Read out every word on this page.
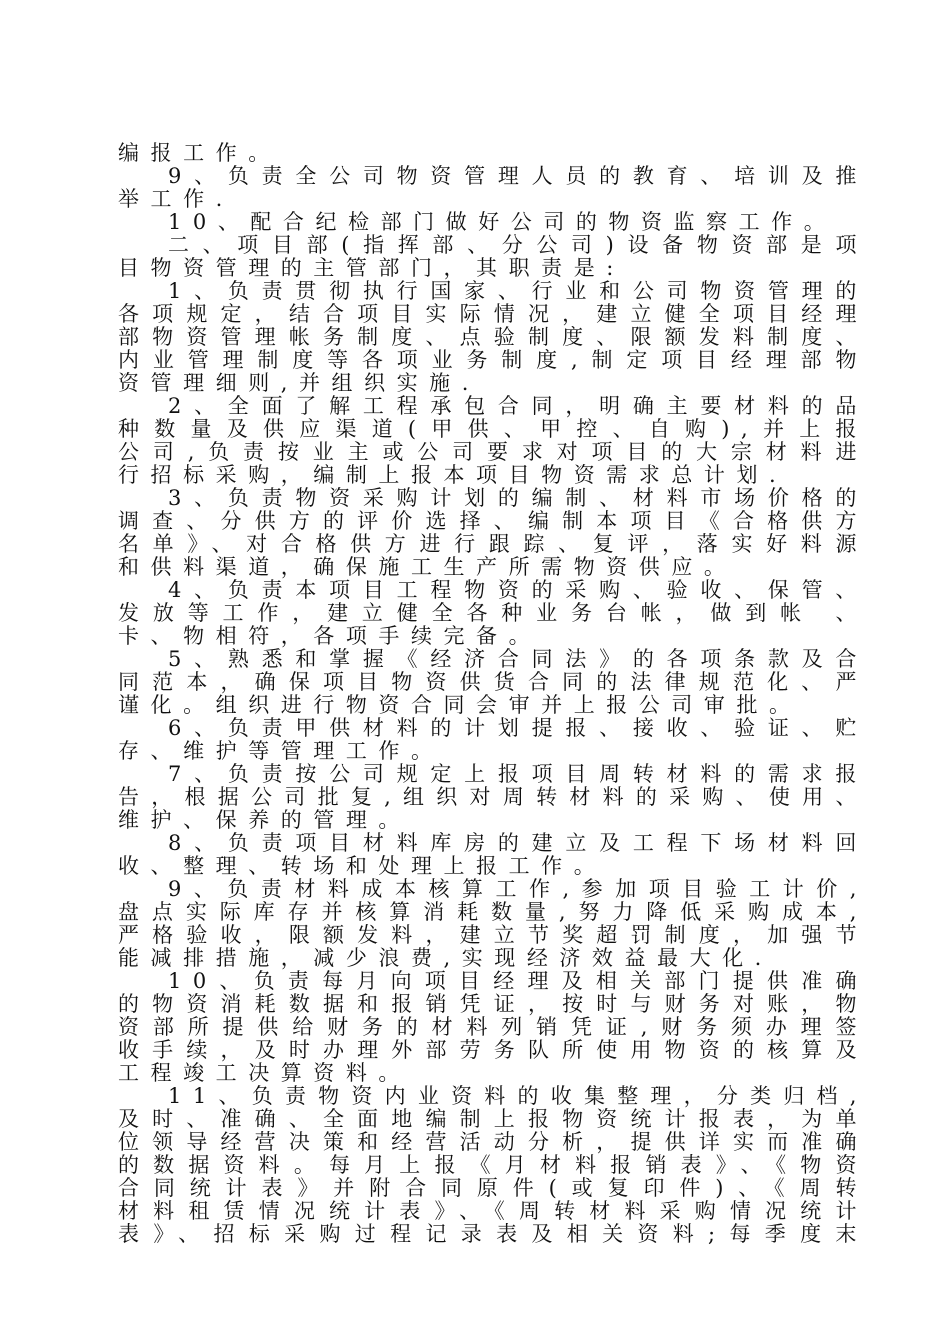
编报工作。
9、负责全公司物资管理人员的教育、培训及推
举工作.
10、配合纪检部门做好公司的物资监察工作。
二、项目部(指挥部、分公司)设备物资部是项
目物资管理的主管部门，其职责是:
1、负责贯彻执行国家、行业和公司物资管理的
各项规定，结合项目实际情况，建立健全项目经理
部物资管理帐务制度、点验制度、限额发料制度、
内业管理制度等各项业务制度,制定项目经理部物
资管理细则,并组织实施.
2、全面了解工程承包合同，明确主要材料的品
种数量及供应渠道(甲供、甲控、自购),并上报
公司,负责按业主或公司要求对项目的大宗材料进
行招标采购，编制上报本项目物资需求总计划.
3、负责物资采购计划的编制、材料市场价格的
调查、分供方的评价选择、编制本项目《合格供方
名单》、对合格供方进行跟踪、复评，落实好料源
和供料渠道，确保施工生产所需物资供应。
4、负责本项目工程物资的采购、验收、保管、
发放等工作，建立健全各种业务台帐，做到帐 、
卡、物相符，各项手续完备。
5、熟悉和掌握《经济合同法》的各项条款及合
同范本，确保项目物资供货合同的法律规范化、严
谨化。组织进行物资合同会审并上报公司审批。
6、负责甲供材料的计划提报、接收、验证、贮
存、维护等管理工作。
7、负责按公司规定上报项目周转材料的需求报
告，根据公司批复,组织对周转材料的采购、使用、
维护、保养的管理。
8、负责项目材料库房的建立及工程下场材料回
收、整理、转场和处理上报工作。
9、负责材料成本核算工作,参加项目验工计价,
盘点实际库存并核算消耗数量,努力降低采购成本,
严格验收，限额发料，建立节奖超罚制度，加强节
能减排措施，减少浪费,实现经济效益最大化.
10、负责每月向项目经理及相关部门提供准确
的物资消耗数据和报销凭证，按时与财务对账，物
资部所提供给财务的材料列销凭证,财务须办理签
收手续，及时办理外部劳务队所使用物资的核算及
工程竣工决算资料。
11、负责物资内业资料的收集整理，分类归档,
及时、准确、全面地编制上报物资统计报表，为单
位领导经营决策和经营活动分析，提供详实而准确
的数据资料。每月上报《月材料报销表》、《物资
合同统计表》并附合同原件(或复印件)、《周转
材料租赁情况统计表》、《周转材料采购情况统计
表》、招标采购过程记录表及相关资料;每季度末
